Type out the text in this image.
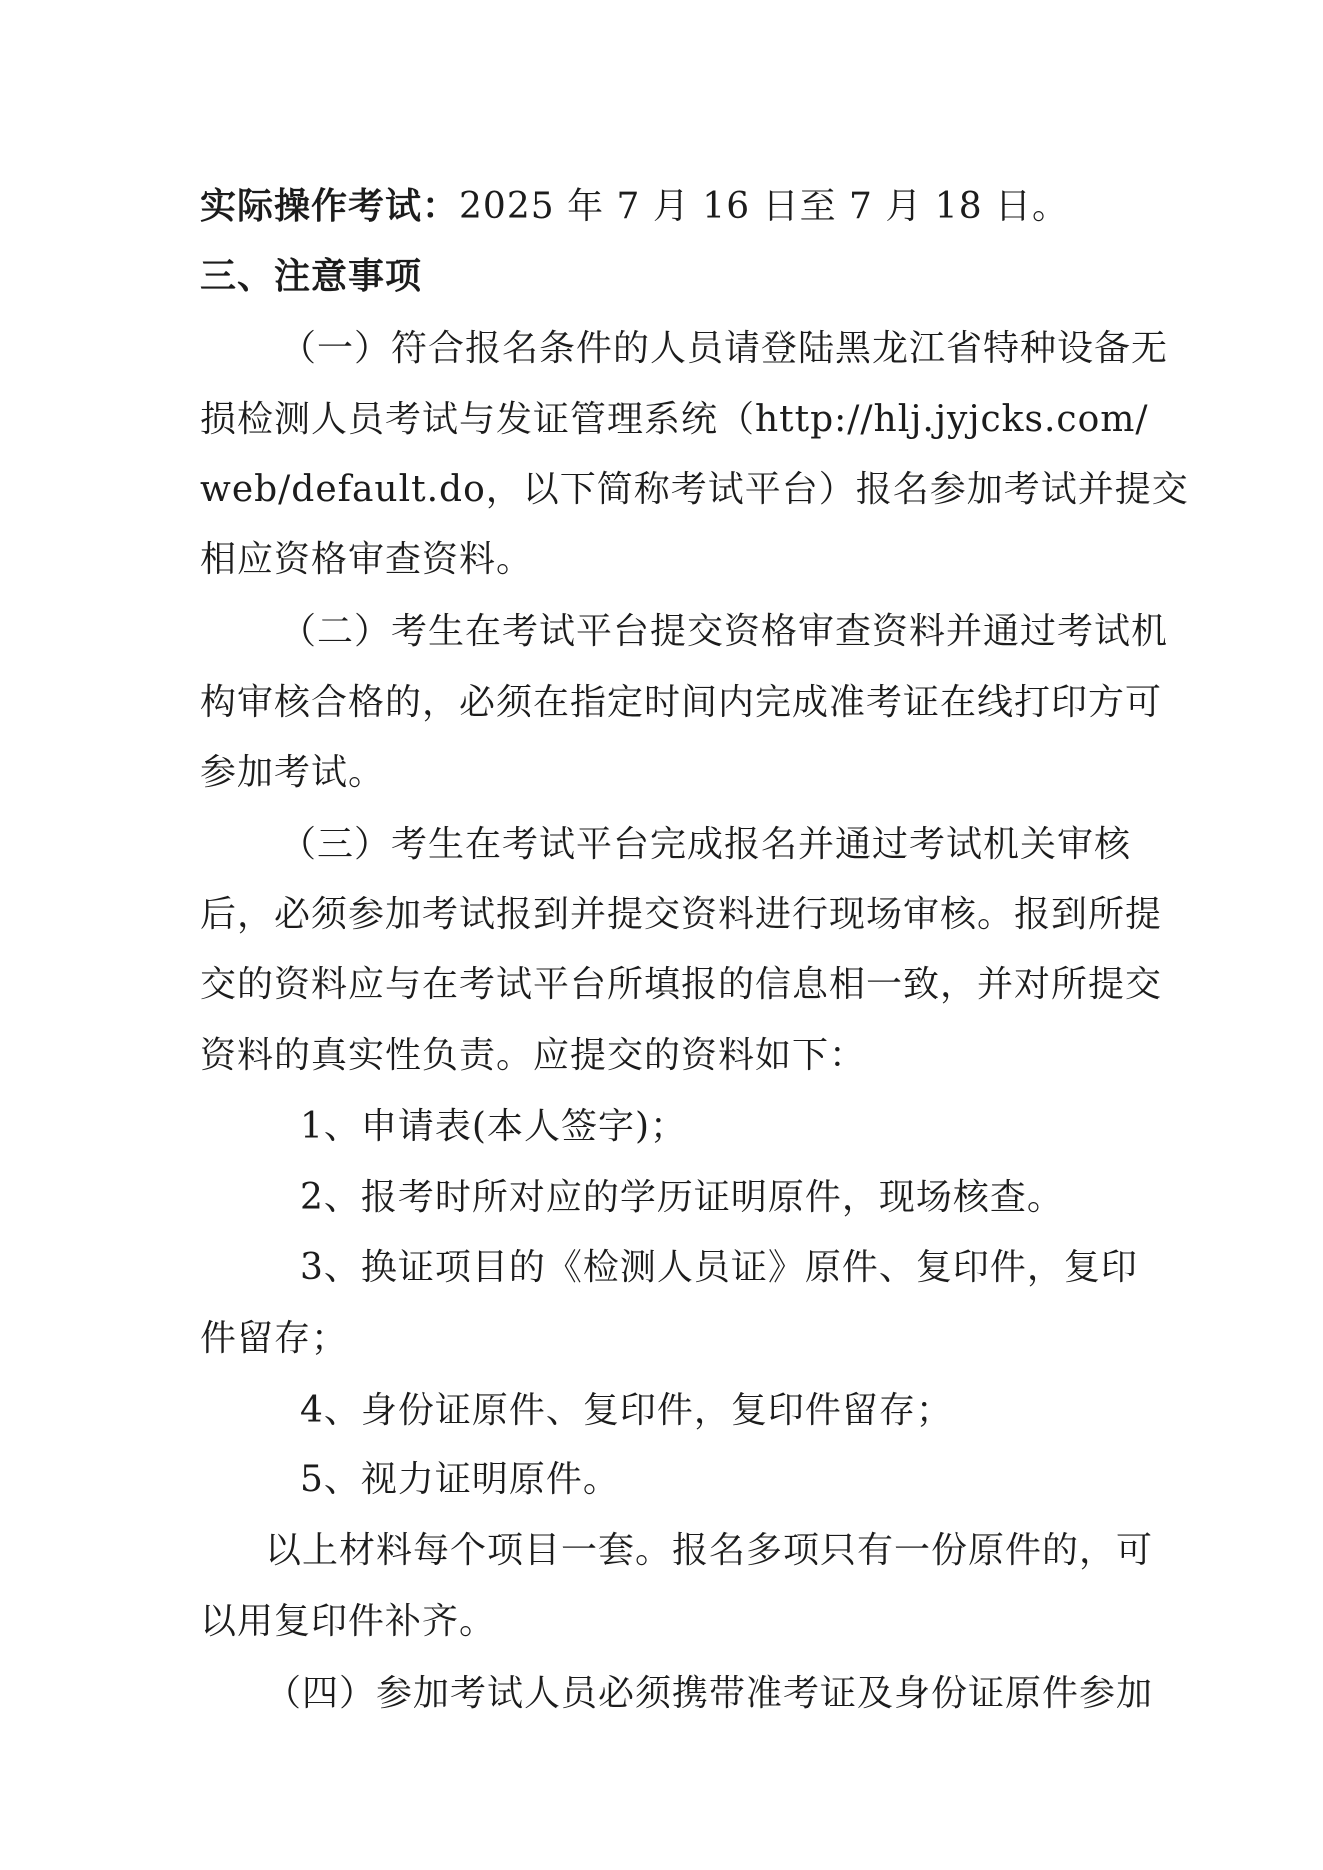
实际操作考试：2025 年 7 月 16 日至 7 月 18 日。
三、注意事项
（一）符合报名条件的人员请登陆黑龙江省特种设备无
损检测人员考试与发证管理系统（http://hlj.jyjcks.com/
web/default.do，以下简称考试平台）报名参加考试并提交
相应资格审查资料。
（二）考生在考试平台提交资格审查资料并通过考试机
构审核合格的，必须在指定时间内完成准考证在线打印方可
参加考试。
（三）考生在考试平台完成报名并通过考试机关审核
后，必须参加考试报到并提交资料进行现场审核。报到所提
交的资料应与在考试平台所填报的信息相一致，并对所提交
资料的真实性负责。应提交的资料如下：
1、申请表(本人签字)；
2、报考时所对应的学历证明原件，现场核查。
3、换证项目的《检测人员证》原件、复印件，复印
件留存；
4、身份证原件、复印件，复印件留存；
5、视力证明原件。
以上材料每个项目一套。报名多项只有一份原件的，可
以用复印件补齐。
（四）参加考试人员必须携带准考证及身份证原件参加
